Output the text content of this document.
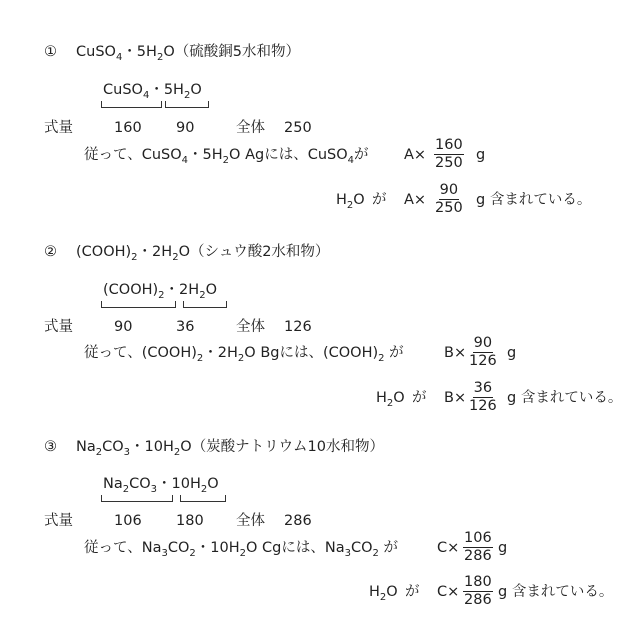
① CuSO$_4$・$5H_2O$（硫酸銅5水和物）
CuSO$_4$・$5H_2O$
式量	160 90	全体 250
従って、CuSO$_4$・$5H_2O$ Agには、CuSO$_4$が $A\times \frac{160}{250}$ g
$H_2O$ が $A\times \frac{90}{250}$ g 含まれている。
② $(COOH)_2$・$2H_2O$（シュウ酸2水和物）
$(COOH)_2$・$2H_2O$
式量	90	36	全体 126
従って、$(COOH)_2$・$2H_2O$ Bgには、$(COOH)_2$ が	$B\times \frac{90}{126}$ g
$H_2O$ が $B\times \frac{36}{126}$ g 含まれている。
③ $Na_2CO_3$・$10H_2O$（炭酸ナトリウム10水和物）
$Na_2CO_3$・$10H_2O$
式量	106 180 全体 286
従って、$Na_3CO_2$・$10H_2O$ Cgには、$Na_3CO_2$ が	$C\times \frac{106}{286}$ g
$H_2O$ が $C\times \frac{180}{286}$ g 含まれている。
